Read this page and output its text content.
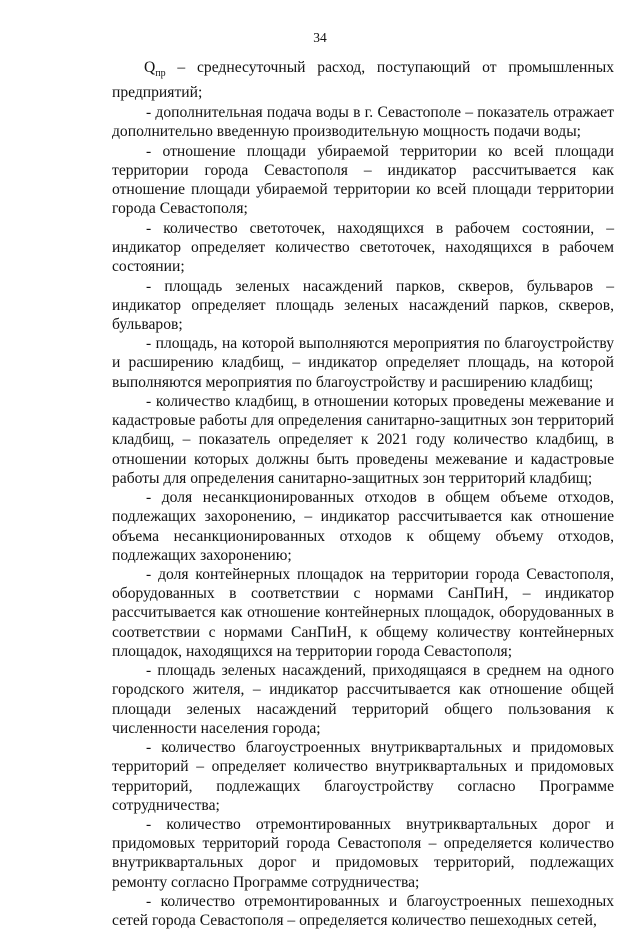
34

$Q_{пр}$ – среднесуточный расход, поступающий от промышленных предприятий;

- дополнительная подача воды в г. Севастополе – показатель отражает дополнительно введенную производительную мощность подачи воды;

- отношение площади убираемой территории ко всей площади территории города Севастополя – индикатор рассчитывается как отношение площади убираемой территории ко всей площади территории города Севастополя;

- количество светоточек, находящихся в рабочем состоянии, – индикатор определяет количество светоточек, находящихся в рабочем состоянии;

- площадь зеленых насаждений парков, скверов, бульваров – индикатор определяет площадь зеленых насаждений парков, скверов, бульваров;

- площадь, на которой выполняются мероприятия по благоустройству и расширению кладбищ, – индикатор определяет площадь, на которой выполняются мероприятия по благоустройству и расширению кладбищ;

- количество кладбищ, в отношении которых проведены межевание и кадастровые работы для определения санитарно-защитных зон территорий кладбищ, – показатель определяет к 2021 году количество кладбищ, в отношении которых должны быть проведены межевание и кадастровые работы для определения санитарно-защитных зон территорий кладбищ;

- доля несанкционированных отходов в общем объеме отходов, подлежащих захоронению, – индикатор рассчитывается как отношение объема несанкционированных отходов к общему объему отходов, подлежащих захоронению;

- доля контейнерных площадок на территории города Севастополя, оборудованных в соответствии с нормами СанПиН, – индикатор рассчитывается как отношение контейнерных площадок, оборудованных в соответствии с нормами СанПиН, к общему количеству контейнерных площадок, находящихся на территории города Севастополя;

- площадь зеленых насаждений, приходящаяся в среднем на одного городского жителя, – индикатор рассчитывается как отношение общей площади зеленых насаждений территорий общего пользования к численности населения города;

- количество благоустроенных внутриквартальных и придомовых территорий – определяет количество внутриквартальных и придомовых территорий, подлежащих благоустройству согласно Программе сотрудничества;

- количество отремонтированных внутриквартальных дорог и придомовых территорий города Севастополя – определяется количество внутриквартальных дорог и придомовых территорий, подлежащих ремонту согласно Программе сотрудничества;

- количество отремонтированных и благоустроенных пешеходных сетей города Севастополя – определяется количество пешеходных сетей,
